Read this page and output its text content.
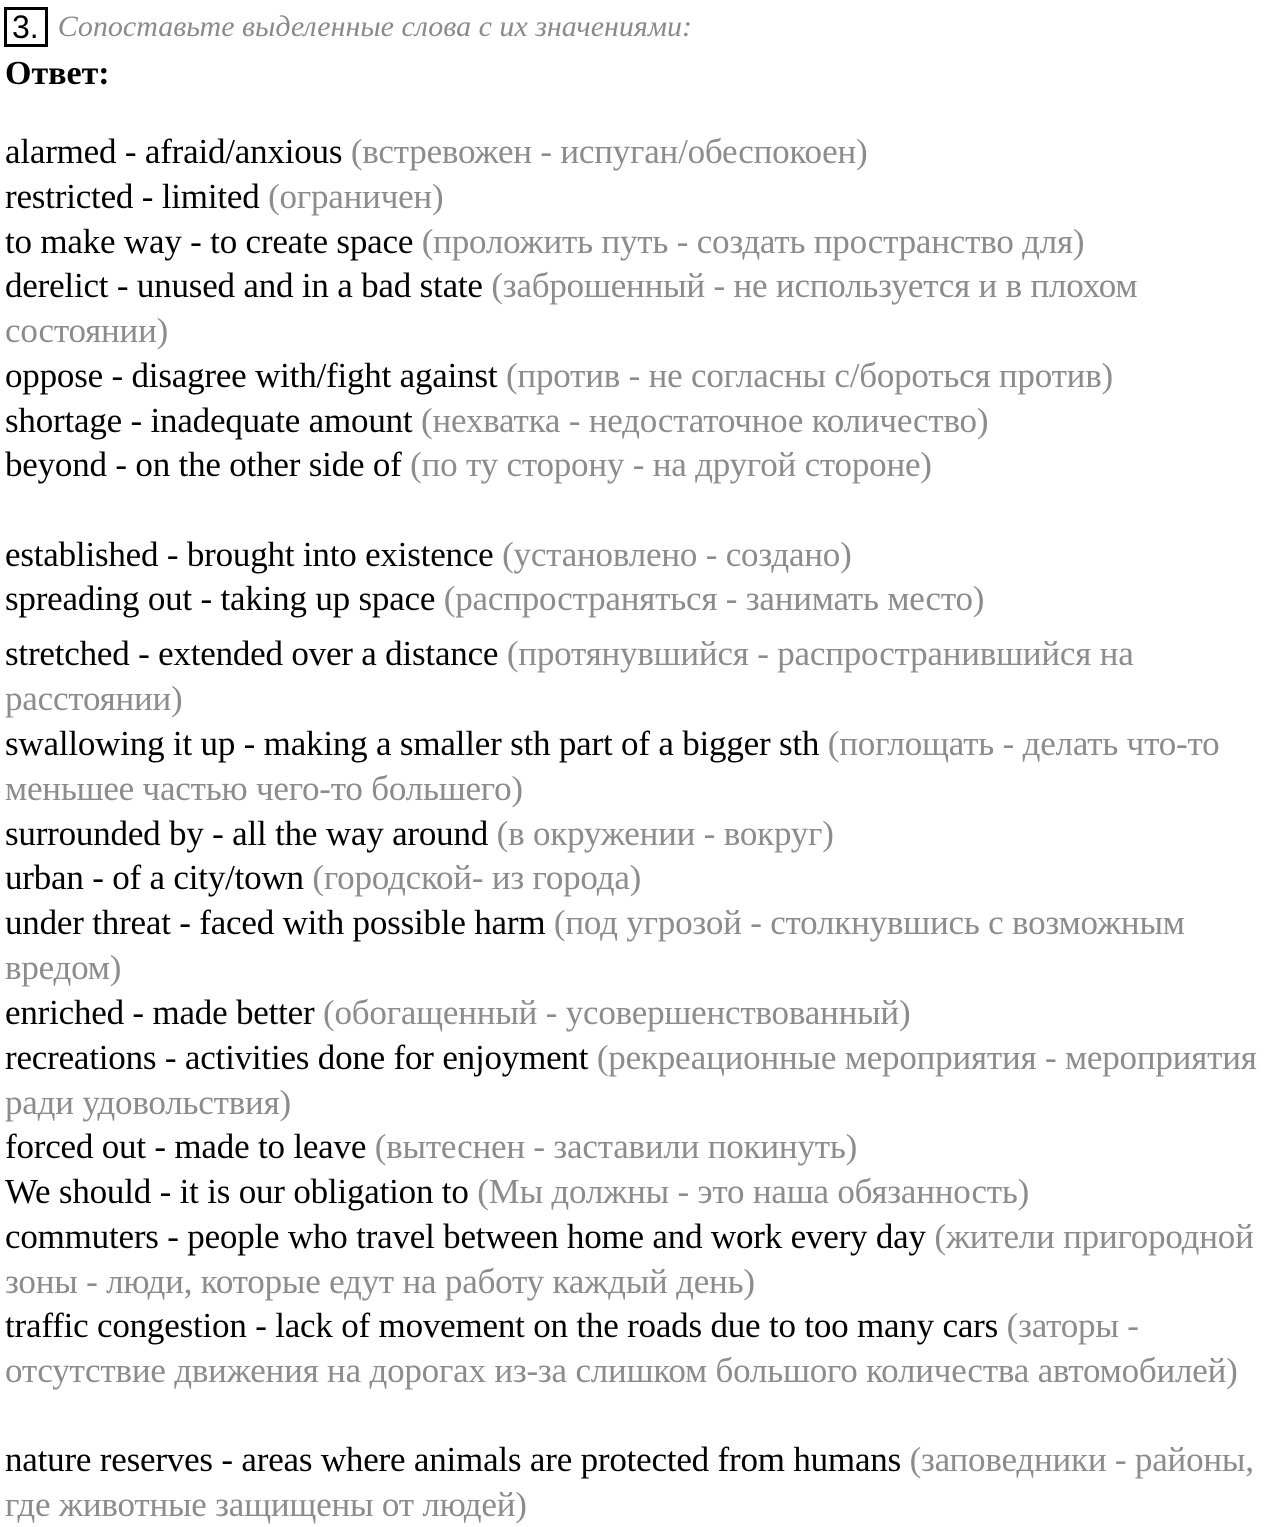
3. Сопоставьте выделенные слова с их значениями:
Ответ:
alarmed - afraid/anxious (встревожен - испуган/обеспокоен)
restricted - limited (ограничен)
to make way - to create space (проложить путь - создать пространство для)
derelict - unused and in a bad state (заброшенный - не используется и в плохом состоянии)
oppose - disagree with/fight against (против - не согласны с/бороться против)
shortage - inadequate amount (нехватка - недостаточное количество)
beyond - on the other side of (по ту сторону - на другой стороне)
established - brought into existence (установлено - создано)
spreading out - taking up space (распространяться - занимать место)
stretched - extended over a distance (протянувшийся - распространившийся на расстоянии)
swallowing it up - making a smaller sth part of a bigger sth (поглощать - делать что-то меньшее частью чего-то большего)
surrounded by - all the way around (в окружении - вокруг)
urban - of a city/town (городской- из города)
under threat - faced with possible harm (под угрозой - столкнувшись с возможным вредом)
enriched - made better (обогащенный - усовершенствованный)
recreations - activities done for enjoyment (рекреационные мероприятия - мероприятия ради удовольствия)
forced out - made to leave (вытеснен - заставили покинуть)
We should - it is our obligation to (Мы должны - это наша обязанность)
commuters - people who travel between home and work every day (жители пригородной зоны - люди, которые едут на работу каждый день)
traffic congestion - lack of movement on the roads due to too many cars (заторы - отсутствие движения на дорогах из-за слишком большого количества автомобилей)
nature reserves - areas where animals are protected from humans (заповедники - районы, где животные защищены от людей)
